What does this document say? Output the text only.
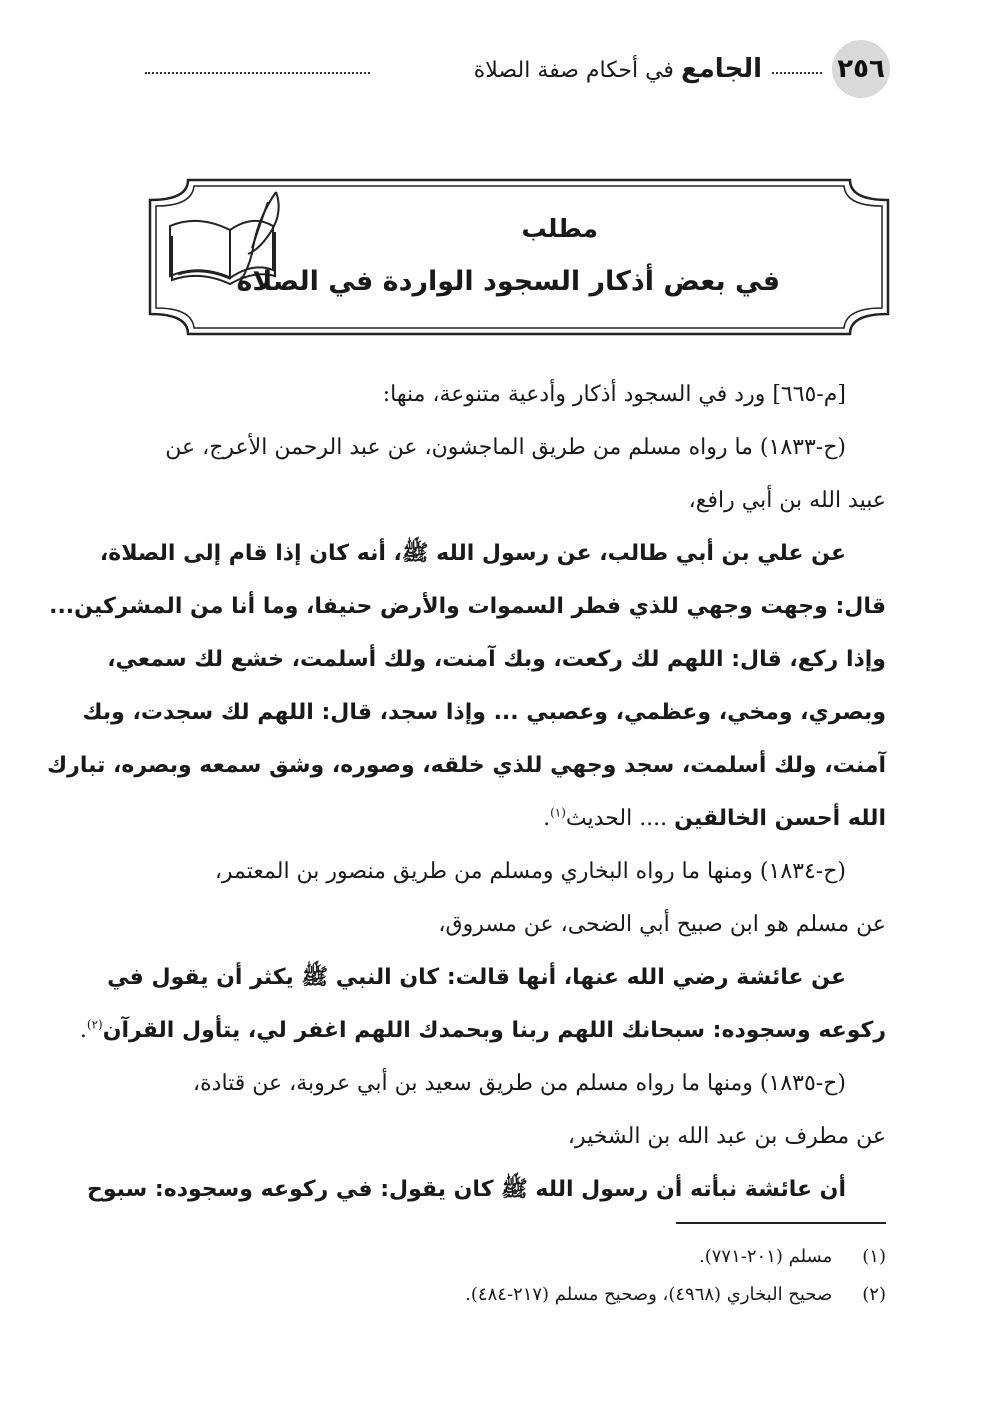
٢٥٦
الجامع في أحكام صفة الصلاة
مطلب
في بعض أذكار السجود الواردة في الصلاة
[م-٦٦٥] ورد في السجود أذكار وأدعية متنوعة، منها:
(ح-١٨٣٣) ما رواه مسلم من طريق الماجشون، عن عبد الرحمن الأعرج، عن
عبيد الله بن أبي رافع،
عن علي بن أبي طالب، عن رسول الله ﷺ، أنه كان إذا قام إلى الصلاة،
قال: وجهت وجهي للذي فطر السموات والأرض حنيفا، وما أنا من المشركين...
وإذا ركع، قال: اللهم لك ركعت، وبك آمنت، ولك أسلمت، خشع لك سمعي،
وبصري، ومخي، وعظمي، وعصبي ... وإذا سجد، قال: اللهم لك سجدت، وبك
آمنت، ولك أسلمت، سجد وجهي للذي خلقه، وصوره، وشق سمعه وبصره، تبارك
الله أحسن الخالقين .... الحديث$^{(١)}$.
(ح-١٨٣٤) ومنها ما رواه البخاري ومسلم من طريق منصور بن المعتمر،
عن مسلم هو ابن صبيح أبي الضحى، عن مسروق،
عن عائشة رضي الله عنها، أنها قالت: كان النبي ﷺ يكثر أن يقول في
ركوعه وسجوده: سبحانك اللهم ربنا وبحمدك اللهم اغفر لي، يتأول القرآن$^{(٢)}$.
(ح-١٨٣٥) ومنها ما رواه مسلم من طريق سعيد بن أبي عروبة، عن قتادة،
عن مطرف بن عبد الله بن الشخير،
أن عائشة نبأته أن رسول الله ﷺ كان يقول: في ركوعه وسجوده: سبوح
(١) مسلم (٢٠١-٧٧١).
(٢) صحيح البخاري (٤٩٦٨)، وصحيح مسلم (٢١٧-٤٨٤).
